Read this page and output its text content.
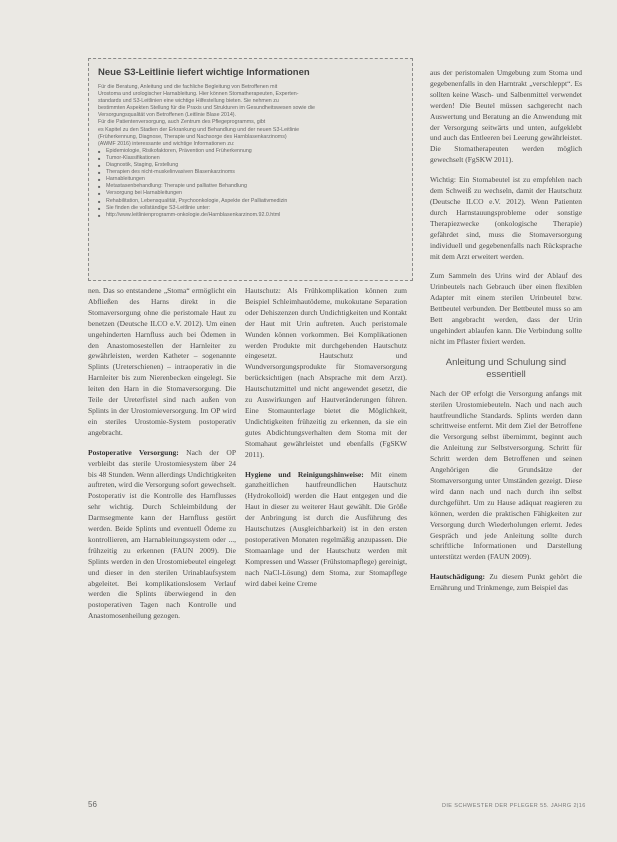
Neue S3-Leitlinie liefert wichtige Informationen

Für die Beratung, Anleitung und die fachliche Begleitung von Betroffenen mit

Urostoma und urologischer Harnableitung. Hier können Stomatherapeuten, Experten-

standards und S3-Leitlinien eine wichtige Hilfestellung bieten. Sie nehmen zu

bestimmten Aspekten Stellung für die Praxis und Strukturen im Gesundheitswesen sowie die

Versorgungsqualität von Betroffenen (Leitlinie Blase 2014).

Für die Patientenversorgung, auch Zentrum des Pflegeprogramms, gibt

es Kapitel zu den Stadien der Erkrankung und Behandlung und der neuen S3-Leitlinie

(Früherkennung, Diagnose, Therapie und Nachsorge des Harnblasenkarzinoms)

(AWMF 2016) interessante und wichtige Informationen zu:

■ Epidemiologie, Risikofaktoren, Prävention und Früherkennung
■ Tumor-Klassifikationen
■ Diagnostik, Staging, Erstellung
■ Therapien des nicht-muskelinvasiven Blasenkarzinoms
■ Harnableitungen
■ Metastasenbehandlung: Therapie und palliative Behandlung
■ Versorgung bei Harnableitungen
■ Rehabilitation, Lebensqualität, Psychoonkologie, Aspekte der Palliativmedizin
■ Sie finden die vollständige S3-Leitlinie unter:
■ http://www.leitlinienprogramm-onkologie.de/Harnblasenkarzinom.92.0.html

nen. Das so entstandene „Stoma“ ermöglicht ein Abfließen des Harns direkt in die Stomaversorgung ohne die peristomale Haut zu benetzen (Deutsche ILCO e.V. 2012). Um einen ungehinderten Harnfluss auch bei Ödemen in den Anastomosestellen der Harnleiter zu gewährleisten, werden Katheter – sogenannte Splints (Ureterschienen) – intraoperativ in die Harnleiter bis zum Nierenbecken eingelegt. Sie leiten den Harn in die Stomaversorgung. Die Teile der Ureterfistel sind nach außen von Splints in der Urostomieversorgung. Im OP wird ein steriles Urostomie-System postoperativ angebracht.

Postoperative Versorgung: Nach der OP verbleibt das sterile Urostomiesystem über 24 bis 48 Stunden. Wenn allerdings Undichtigkeiten auftreten, wird die Versorgung sofort gewechselt. Postoperativ ist die Kontrolle des Harnflusses sehr wichtig. Durch Schleimbildung der Darmsegmente kann der Harnfluss gestört werden. Beide Splints und eventuell Ödeme zu kontrollieren, am Harnableitungssystem oder ..., frühzeitig zu erkennen (FAUN 2009). Die Splints werden in den Urostomiebeutel eingelegt und dieser in den sterilen Urinablaufsystem abgeleitet. Bei komplikationslosem Verlauf werden die Splints überwiegend in den postoperativen Tagen nach Kontrolle und Anastomosenheilung gezogen.

Hautschutz: Als Frühkomplikation können zum Beispiel Schleimhautödeme, mukokutane Separation oder Dehiszenzen durch Undichtigkeiten und Kontakt der Haut mit Urin auftreten. Auch peristomale Wunden können vorkommen. Bei Komplikationen werden Produkte mit durchgehenden Hautschutz eingesetzt. Hautschutz und Wundversorgungsprodukte für Stomaversorgung berücksichtigen (nach Absprache mit dem Arzt). Hautschutzmittel und nicht angewendet gesetzt, die zu Auswirkungen auf Hautveränderungen führen. Eine Stomaunterlage bietet die Möglichkeit, Undichtigkeiten frühzeitig zu erkennen, da sie ein gutes Abdichtungsverhalten dem Stoma mit der Stomahaut gewährleistet und ebenfalls (FgSKW 2011).

Hygiene und Reinigungshinweise: Mit einem ganzheitlichen hautfreundlichen Hautschutz (Hydrokolloid) werden die Haut entgegen und die Haut in dieser zu weiterer Haut gewählt. Die Größe der Anbringung ist durch die Ausführung des Hautschutzes (Ausgleichbarkeit) ist in den ersten postoperativen Monaten regelmäßig anzupassen. Die Stomaanlage und der Hautschutz werden mit Kompressen und Wasser (Frühstomapflege) gereinigt, nach NaCl-Lösung) dem Stoma, zur Stomapflege wird dabei keine Creme

aus der peristomalen Umgebung zum Stoma und gegebenenfalls in den Harntrakt „verschleppt“. Es sollten keine Wasch- und Salbenmittel verwendet werden! Die Beutel müssen sachgerecht nach Auswertung und Beratung an die Anwendung mit der Versorgung seitwärts und unten, aufgeklebt und auch das Entleeren bei Leerung gewährleistet. Die Stomatherapeuten werden möglich gewechselt (FgSKW 2011).

Wichtig: Ein Stomabeutel ist zu empfehlen nach dem Schweiß zu wechseln, damit der Hautschutz (Deutsche ILCO e.V. 2012). Wenn Patienten durch Harnstauungsprobleme oder sonstige Therapiezwecke (onkologische Therapie) gefährdet sind, muss die Stomaversorgung individuell und gegebenenfalls nach Rücksprache mit dem Arzt erweitert werden.

Zum Sammeln des Urins wird der Ablauf des Urinbeutels nach Gebrauch über einen flexiblen Adapter mit einem sterilen Urinbeutel bzw. Bettbeutel verbunden. Der Bettbeutel muss so am Bett angebracht werden, dass der Urin ungehindert ablaufen kann. Die Verbindung sollte nicht im Pflaster fixiert werden.

Anleitung und Schulung sind essentiell

Nach der OP erfolgt die Versorgung anfangs mit sterilen Urostomiebeuteln. Nach und nach auch hautfreundliche Standards. Splints werden dann schrittweise entfernt. Mit dem Ziel der Betroffene die Versorgung selbst übernimmt, beginnt auch die Anleitung zur Selbstversorgung. Schritt für Schritt werden dem Betroffenen und seinen Angehörigen die Grundsätze der Stomaversorgung unter Umständen gezeigt. Diese wird dann nach und nach durch ihn selbst durchgeführt. Um zu Hause adäquat reagieren zu können, werden die praktischen Fähigkeiten zur Versorgung durch Wiederholungen erlernt. Jedes Gespräch und jede Anleitung sollte durch schriftliche Informationen und Darstellung unterstützt werden (FAUN 2009).

Hautschädigung: Zu diesem Punkt gehört die Ernährung und Trinkmenge, zum Beispiel das

56	DIE SCHWESTER DER PFLEGER 55. JAHRG 2|16
